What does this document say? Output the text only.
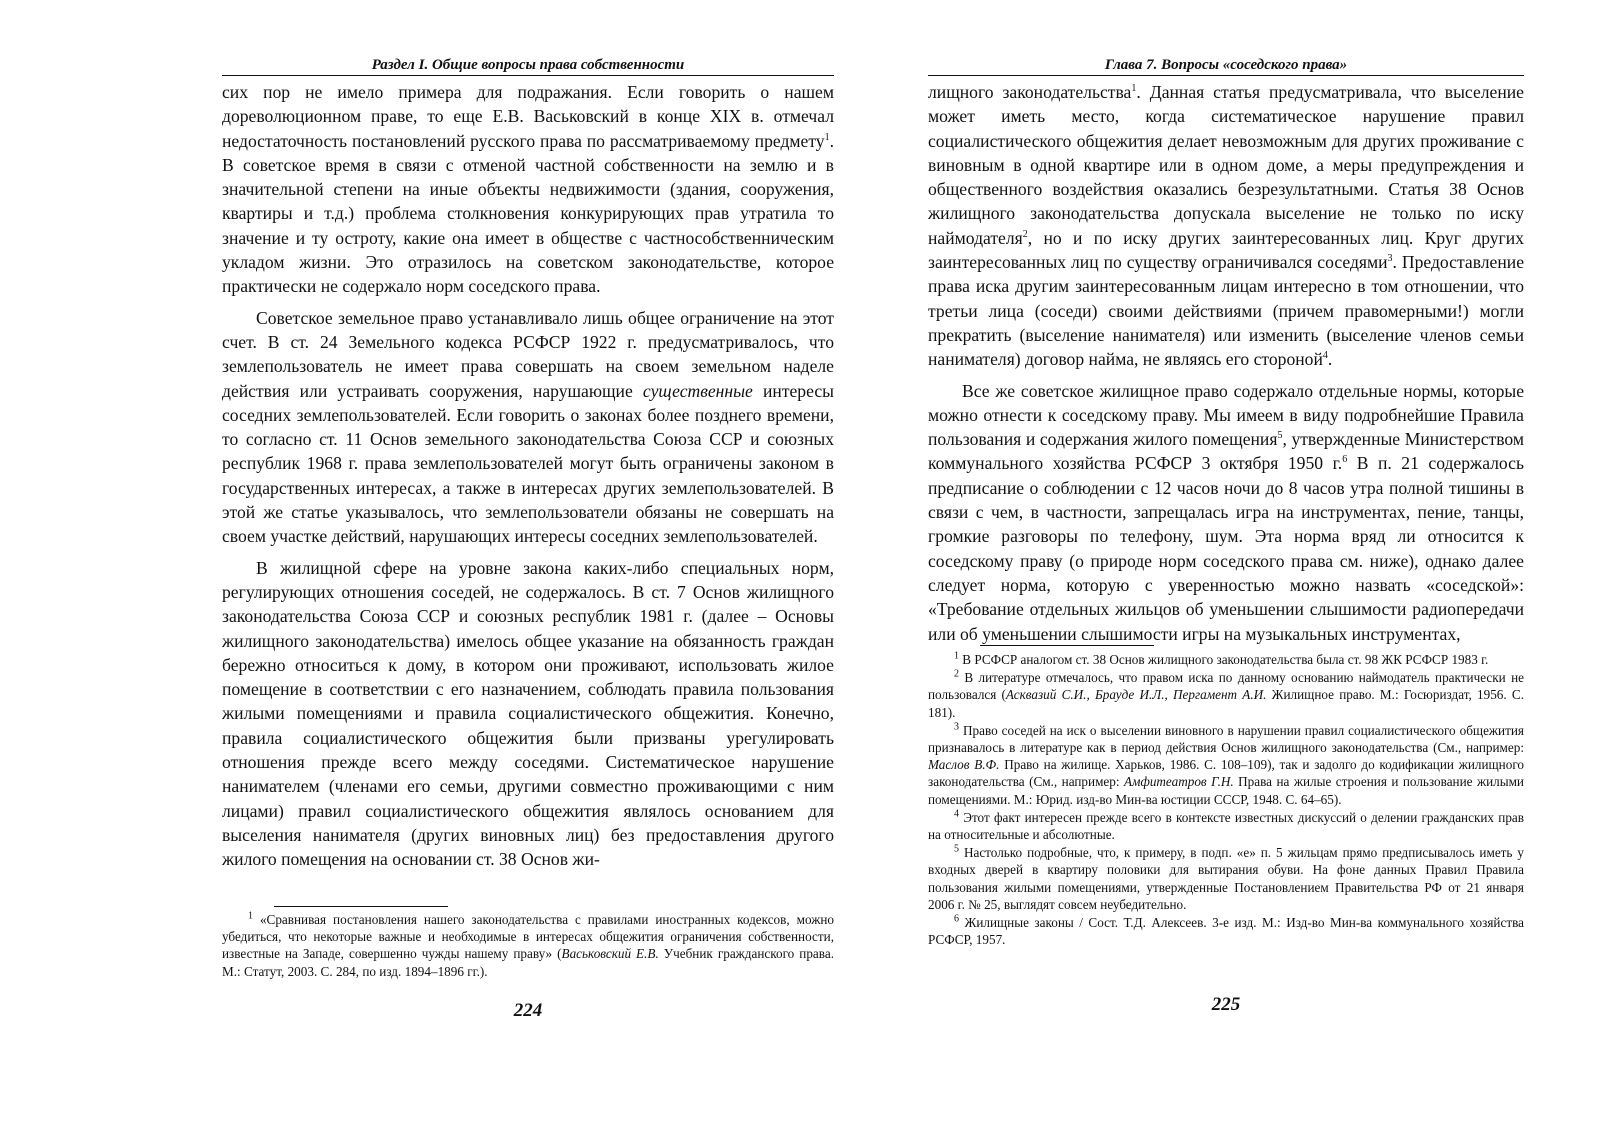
Раздел I. Общие вопросы права собственности

сих пор не имело примера для подражания. Если говорить о нашем дореволюционном праве, то еще Е.В. Васьковский в конце XIX в. отмечал недостаточность постановлений русского права по рассматриваемому предмету$^1$. В советское время в связи с отменой частной собственности на землю и в значительной степени на иные объекты недвижимости (здания, сооружения, квартиры и т.д.) проблема столкновения конкурирующих прав утратила то значение и ту остроту, какие она имеет в обществе с частнособственническим укладом жизни. Это отразилось на советском законодательстве, которое практически не содержало норм соседского права.

Советское земельное право устанавливало лишь общее ограничение на этот счет. В ст. 24 Земельного кодекса РСФСР 1922 г. предусматривалось, что землепользователь не имеет права совершать на своем земельном наделе действия или устраивать сооружения, нарушающие существенные интересы соседних землепользователей. Если говорить о законах более позднего времени, то согласно ст. 11 Основ земельного законодательства Союза ССР и союзных республик 1968 г. права землепользователей могут быть ограничены законом в государственных интересах, а также в интересах других землепользователей. В этой же статье указывалось, что землепользователи обязаны не совершать на своем участке действий, нарушающих интересы соседних землепользователей.

В жилищной сфере на уровне закона каких-либо специальных норм, регулирующих отношения соседей, не содержалось. В ст. 7 Основ жилищного законодательства Союза ССР и союзных республик 1981 г. (далее – Основы жилищного законодательства) имелось общее указание на обязанность граждан бережно относиться к дому, в котором они проживают, использовать жилое помещение в соответствии с его назначением, соблюдать правила пользования жилыми помещениями и правила социалистического общежития. Конечно, правила социалистического общежития были призваны урегулировать отношения прежде всего между соседями. Систематическое нарушение нанимателем (членами его семьи, другими совместно проживающими с ним лицами) правил социалистического общежития являлось основанием для выселения нанимателя (других виновных лиц) без предоставления другого жилого помещения на основании ст. 38 Основ жи-

$^1$ «Сравнивая постановления нашего законодательства с правилами иностранных кодексов, можно убедиться, что некоторые важные и необходимые в интересах общежития ограничения собственности, известные на Западе, совершенно чужды нашему праву» (Васьковский Е.В. Учебник гражданского права. М.: Статут, 2003. С. 284, по изд. 1894–1896 гг.).

224
Глава 7. Вопросы «соседского права»

лищного законодательства$^1$. Данная статья предусматривала, что выселение может иметь место, когда систематическое нарушение правил социалистического общежития делает невозможным для других проживание с виновным в одной квартире или в одном доме, а меры предупреждения и общественного воздействия оказались безрезультатными. Статья 38 Основ жилищного законодательства допускала выселение не только по иску наймодателя$^2$, но и по иску других заинтересованных лиц. Круг других заинтересованных лиц по существу ограничивался соседями$^3$. Предоставление права иска другим заинтересованным лицам интересно в том отношении, что третьи лица (соседи) своими действиями (причем правомерными!) могли прекратить (выселение нанимателя) или изменить (выселение членов семьи нанимателя) договор найма, не являясь его стороной$^4$.

Все же советское жилищное право содержало отдельные нормы, которые можно отнести к соседскому праву. Мы имеем в виду подробнейшие Правила пользования и содержания жилого помещения$^5$, утвержденные Министерством коммунального хозяйства РСФСР 3 октября 1950 г.$^6$ В п. 21 содержалось предписание о соблюдении с 12 часов ночи до 8 часов утра полной тишины в связи с чем, в частности, запрещалась игра на инструментах, пение, танцы, громкие разговоры по телефону, шум. Эта норма вряд ли относится к соседскому праву (о природе норм соседского права см. ниже), однако далее следует норма, которую с уверенностью можно назвать «соседской»: «Требование отдельных жильцов об уменьшении слышимости радиопередачи или об уменьшении слышимости игры на музыкальных инструментах,

$^1$ В РСФСР аналогом ст. 38 Основ жилищного законодательства была ст. 98 ЖК РСФСР 1983 г.

$^2$ В литературе отмечалось, что правом иска по данному основанию наймодатель практически не пользовался (Асквазий С.И., Брауде И.Л., Пергамент А.И. Жилищное право. М.: Госюриздат, 1956. С. 181).

$^3$ Право соседей на иск о выселении виновного в нарушении правил социалистического общежития признавалось в литературе как в период действия Основ жилищного законодательства (См., например: Маслов В.Ф. Право на жилище. Харьков, 1986. С. 108–109), так и задолго до кодификации жилищного законодательства (См., например: Амфитеатров Г.Н. Права на жилые строения и пользование жилыми помещениями. М.: Юрид. изд-во Мин-ва юстиции СССР, 1948. С. 64–65).

$^4$ Этот факт интересен прежде всего в контексте известных дискуссий о делении гражданских прав на относительные и абсолютные.

$^5$ Настолько подробные, что, к примеру, в подп. «е» п. 5 жильцам прямо предписывалось иметь у входных дверей в квартиру половики для вытирания обуви. На фоне данных Правил Правила пользования жилыми помещениями, утвержденные Постановлением Правительства РФ от 21 января 2006 г. № 25, выглядят совсем неубедительно.

$^6$ Жилищные законы / Сост. Т.Д. Алексеев. 3-е изд. М.: Изд-во Мин-ва коммунального хозяйства РСФСР, 1957.

225
